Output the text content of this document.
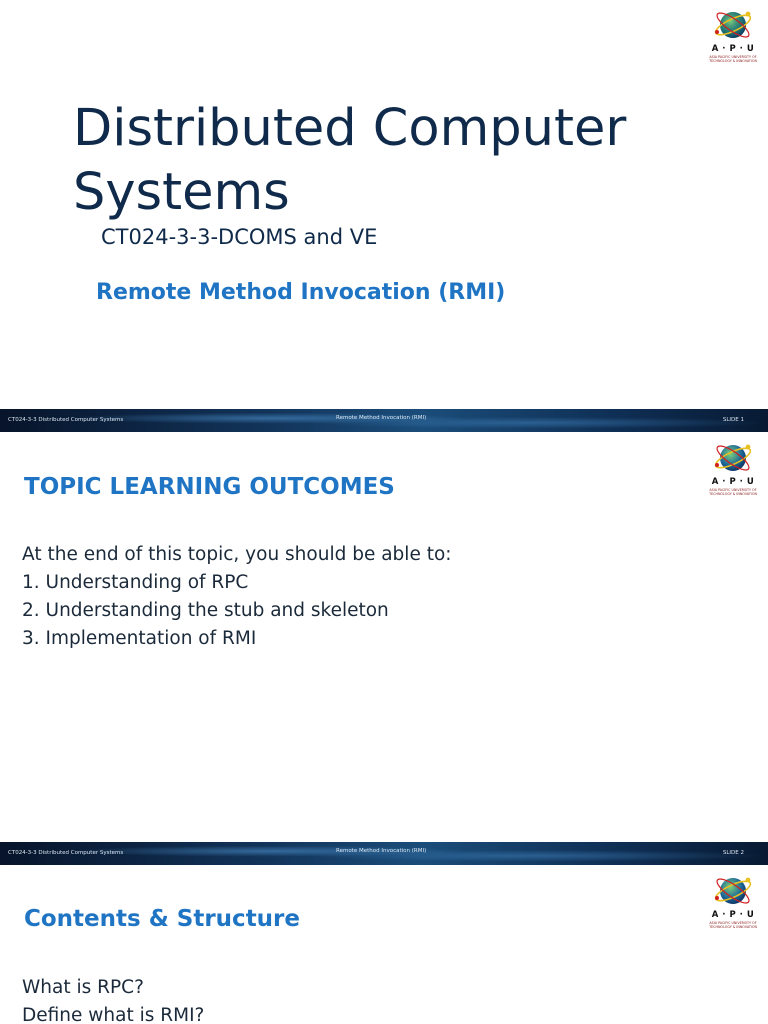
A · P · U
ASIA PACIFIC UNIVERSITY OF TECHNOLOGY & INNOVATION
Distributed Computer
Systems
CT024-3-3-DCOMS and VE
Remote Method Invocation (RMI)
CT024-3-3 Distributed Computer Systems	Remote Method Invocation (RMI)	SLIDE 1
A · P · U
ASIA PACIFIC UNIVERSITY OF TECHNOLOGY & INNOVATION
TOPIC LEARNING OUTCOMES
At the end of this topic, you should be able to:
1. Understanding of RPC
2. Understanding the stub and skeleton
3. Implementation of RMI
CT024-3-3 Distributed Computer Systems	Remote Method Invocation (RMI)	SLIDE 2
A · P · U
ASIA PACIFIC UNIVERSITY OF TECHNOLOGY & INNOVATION
Contents & Structure
What is RPC?
Define what is RMI?
